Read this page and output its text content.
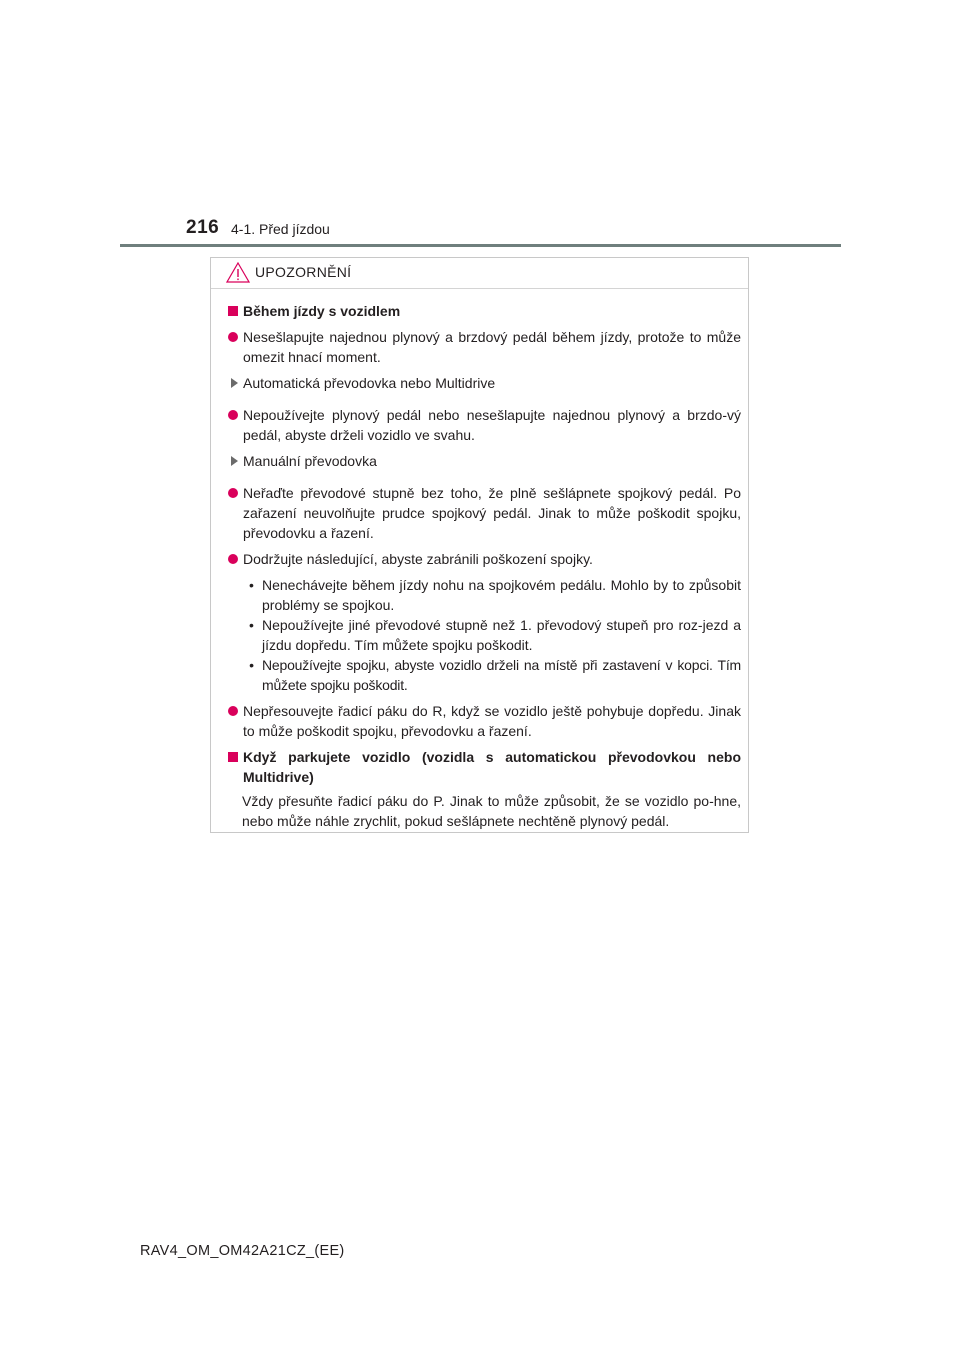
216 4-1. Před jízdou
UPOZORNĚNÍ
Během jízdy s vozidlem
Nesešlapujte najednou plynový a brzdový pedál během jízdy, protože to může omezit hnací moment.
Automatická převodovka nebo Multidrive
Nepoužívejte plynový pedál nebo nesešlapujte najednou plynový a brzdo-vý pedál, abyste drželi vozidlo ve svahu.
Manuální převodovka
Neřaďte převodové stupně bez toho, že plně sešlápnete spojkový pedál. Po zařazení neuvolňujte prudce spojkový pedál. Jinak to může poškodit spojku, převodovku a řazení.
Dodržujte následující, abyste zabránili poškození spojky.
• Nenechávejte během jízdy nohu na spojkovém pedálu. Mohlo by to způsobit problémy se spojkou.
• Nepoužívejte jiné převodové stupně než 1. převodový stupeň pro roz-jezd a jízdu dopředu. Tím můžete spojku poškodit.
• Nepoužívejte spojku, abyste vozidlo drželi na místě při zastavení v kopci. Tím můžete spojku poškodit.
Nepřesouvejte řadicí páku do R, když se vozidlo ještě pohybuje dopředu. Jinak to může poškodit spojku, převodovku a řazení.
Když parkujete vozidlo (vozidla s automatickou převodovkou nebo Multidrive)
Vždy přesuňte řadicí páku do P. Jinak to může způsobit, že se vozidlo po-hne, nebo může náhle zrychlit, pokud sešlápnete nechtěně plynový pedál.
RAV4_OM_OM42A21CZ_(EE)
